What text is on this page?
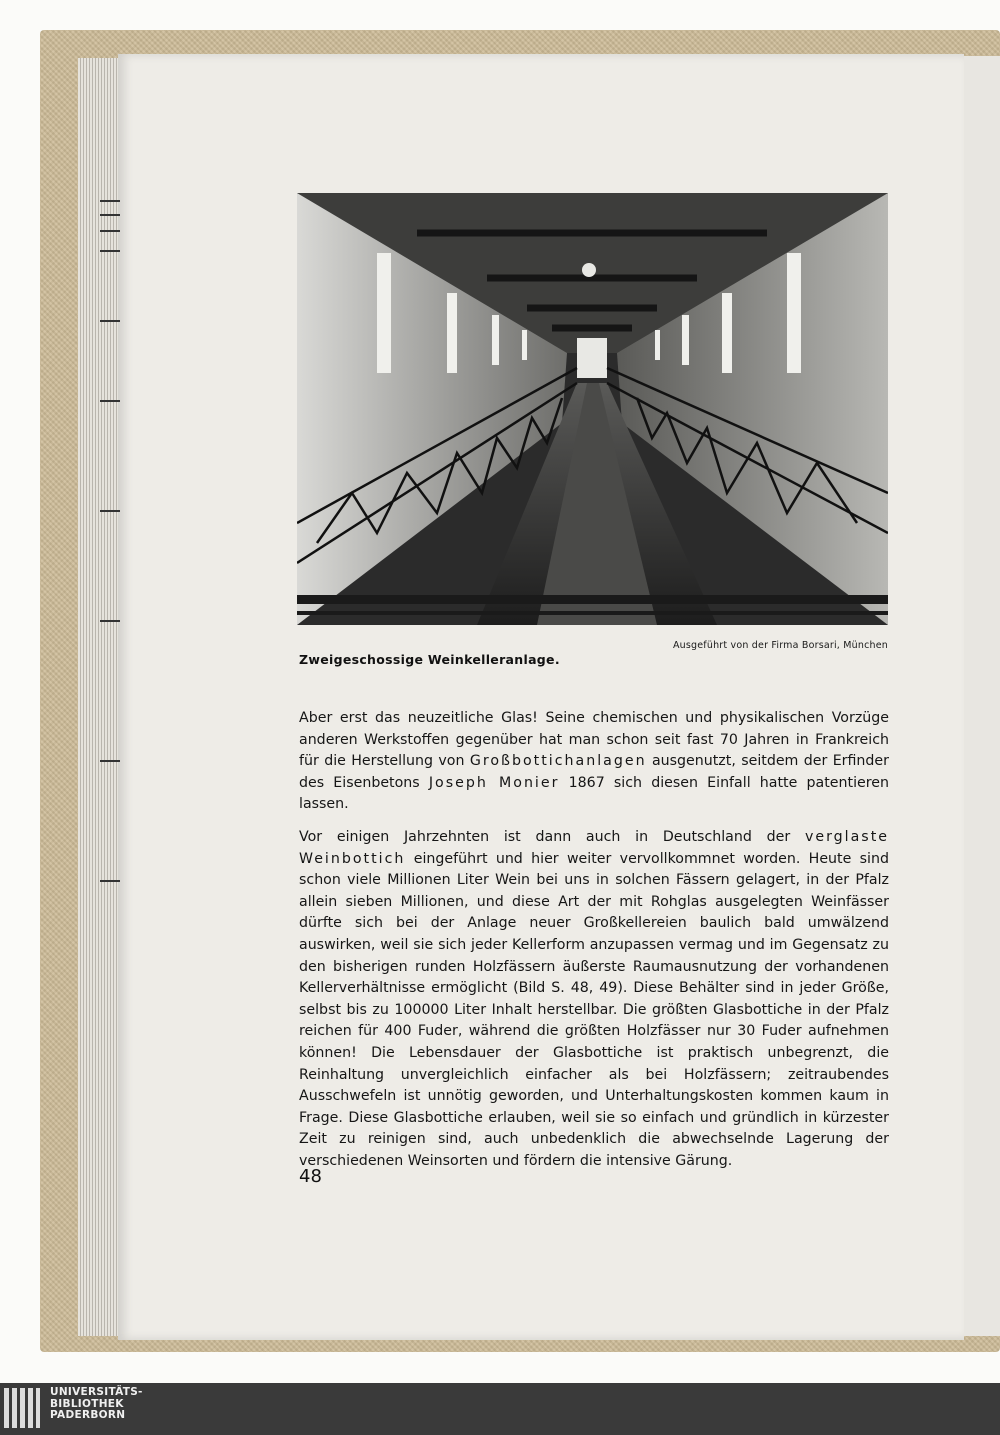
Ausgeführt von der Firma Borsari, München
Zweigeschossige Weinkelleranlage.

Aber erst das neuzeitliche Glas! Seine chemischen und physikalischen Vorzüge anderen Werkstoffen gegenüber hat man schon seit fast 70 Jahren in Frankreich für die Herstellung von Großbottichanlagen ausgenutzt, seitdem der Erfinder des Eisenbetons Joseph Monier 1867 sich diesen Einfall hatte patentieren lassen.

Vor einigen Jahrzehnten ist dann auch in Deutschland der verglaste Weinbottich eingeführt und hier weiter vervollkommnet worden. Heute sind schon viele Millionen Liter Wein bei uns in solchen Fässern gelagert, in der Pfalz allein sieben Millionen, und diese Art der mit Rohglas ausgelegten Weinfässer dürfte sich bei der Anlage neuer Großkellereien baulich bald umwälzend auswirken, weil sie sich jeder Kellerform anzupassen vermag und im Gegensatz zu den bisherigen runden Holzfässern äußerste Raumausnutzung der vorhandenen Kellerverhältnisse ermöglicht (Bild S. 48, 49). Diese Behälter sind in jeder Größe, selbst bis zu 100000 Liter Inhalt herstellbar. Die größten Glasbottiche in der Pfalz reichen für 400 Fuder, während die größten Holzfässer nur 30 Fuder aufnehmen können! Die Lebensdauer der Glasbottiche ist praktisch unbegrenzt, die Reinhaltung unvergleichlich einfacher als bei Holzfässern; zeitraubendes Ausschwefeln ist unnötig geworden, und Unterhaltungskosten kommen kaum in Frage. Diese Glasbottiche erlauben, weil sie so einfach und gründlich in kürzester Zeit zu reinigen sind, auch unbedenklich die abwechselnde Lagerung der verschiedenen Weinsorten und fördern die intensive Gärung.

48
UNIVERSITÄTS-
BIBLIOTHEK
PADERBORN
